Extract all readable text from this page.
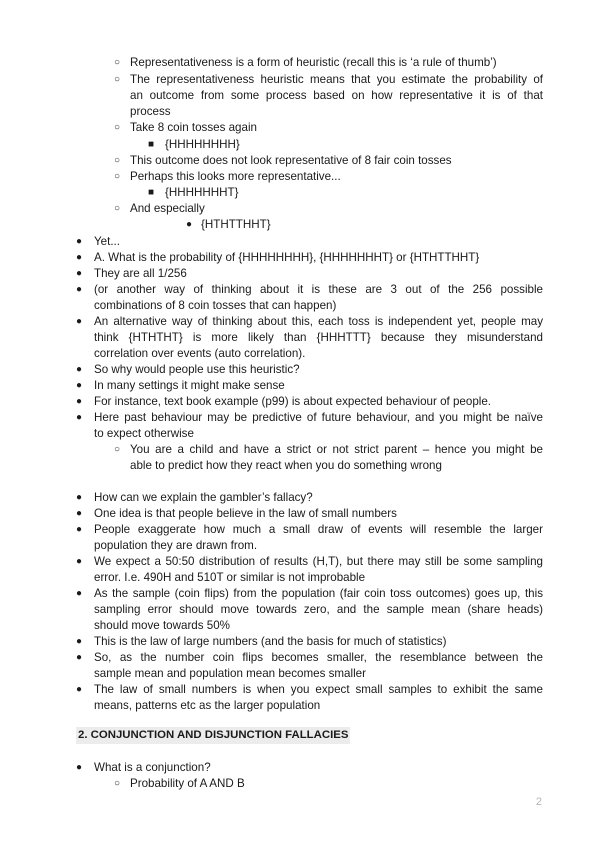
○ Representativeness is a form of heuristic (recall this is ‘a rule of thumb’)
○ The representativeness heuristic means that you estimate the probability of
an outcome from some process based on how representative it is of that
process
○ Take 8 coin tosses again
■ {HHHHHHHH}
○ This outcome does not look representative of 8 fair coin tosses
○ Perhaps this looks more representative...
■ {HHHHHHHT}
○ And especially
● {HTHTTHHT}
● Yet...
● A. What is the probability of {HHHHHHHH}, {HHHHHHHT} or {HTHTTHHT}
● They are all 1/256
● (or another way of thinking about it is these are 3 out of the 256 possible
combinations of 8 coin tosses that can happen)
● An alternative way of thinking about this, each toss is independent yet, people may
think {HTHTHT} is more likely than {HHHTTT} because they misunderstand
correlation over events (auto correlation).
● So why would people use this heuristic?
● In many settings it might make sense
● For instance, text book example (p99) is about expected behaviour of people.
● Here past behaviour may be predictive of future behaviour, and you might be naïve
to expect otherwise
○ You are a child and have a strict or not strict parent – hence you might be
able to predict how they react when you do something wrong
● How can we explain the gambler’s fallacy?
● One idea is that people believe in the law of small numbers
● People exaggerate how much a small draw of events will resemble the larger
population they are drawn from.
● We expect a 50:50 distribution of results (H,T), but there may still be some sampling
error. I.e. 490H and 510T or similar is not improbable
● As the sample (coin flips) from the population (fair coin toss outcomes) goes up, this
sampling error should move towards zero, and the sample mean (share heads)
should move towards 50%
● This is the law of large numbers (and the basis for much of statistics)
● So, as the number coin flips becomes smaller, the resemblance between the
sample mean and population mean becomes smaller
● The law of small numbers is when you expect small samples to exhibit the same
means, patterns etc as the larger population
2. CONJUNCTION AND DISJUNCTION FALLACIES
● What is a conjunction?
○ Probability of A AND B
2
